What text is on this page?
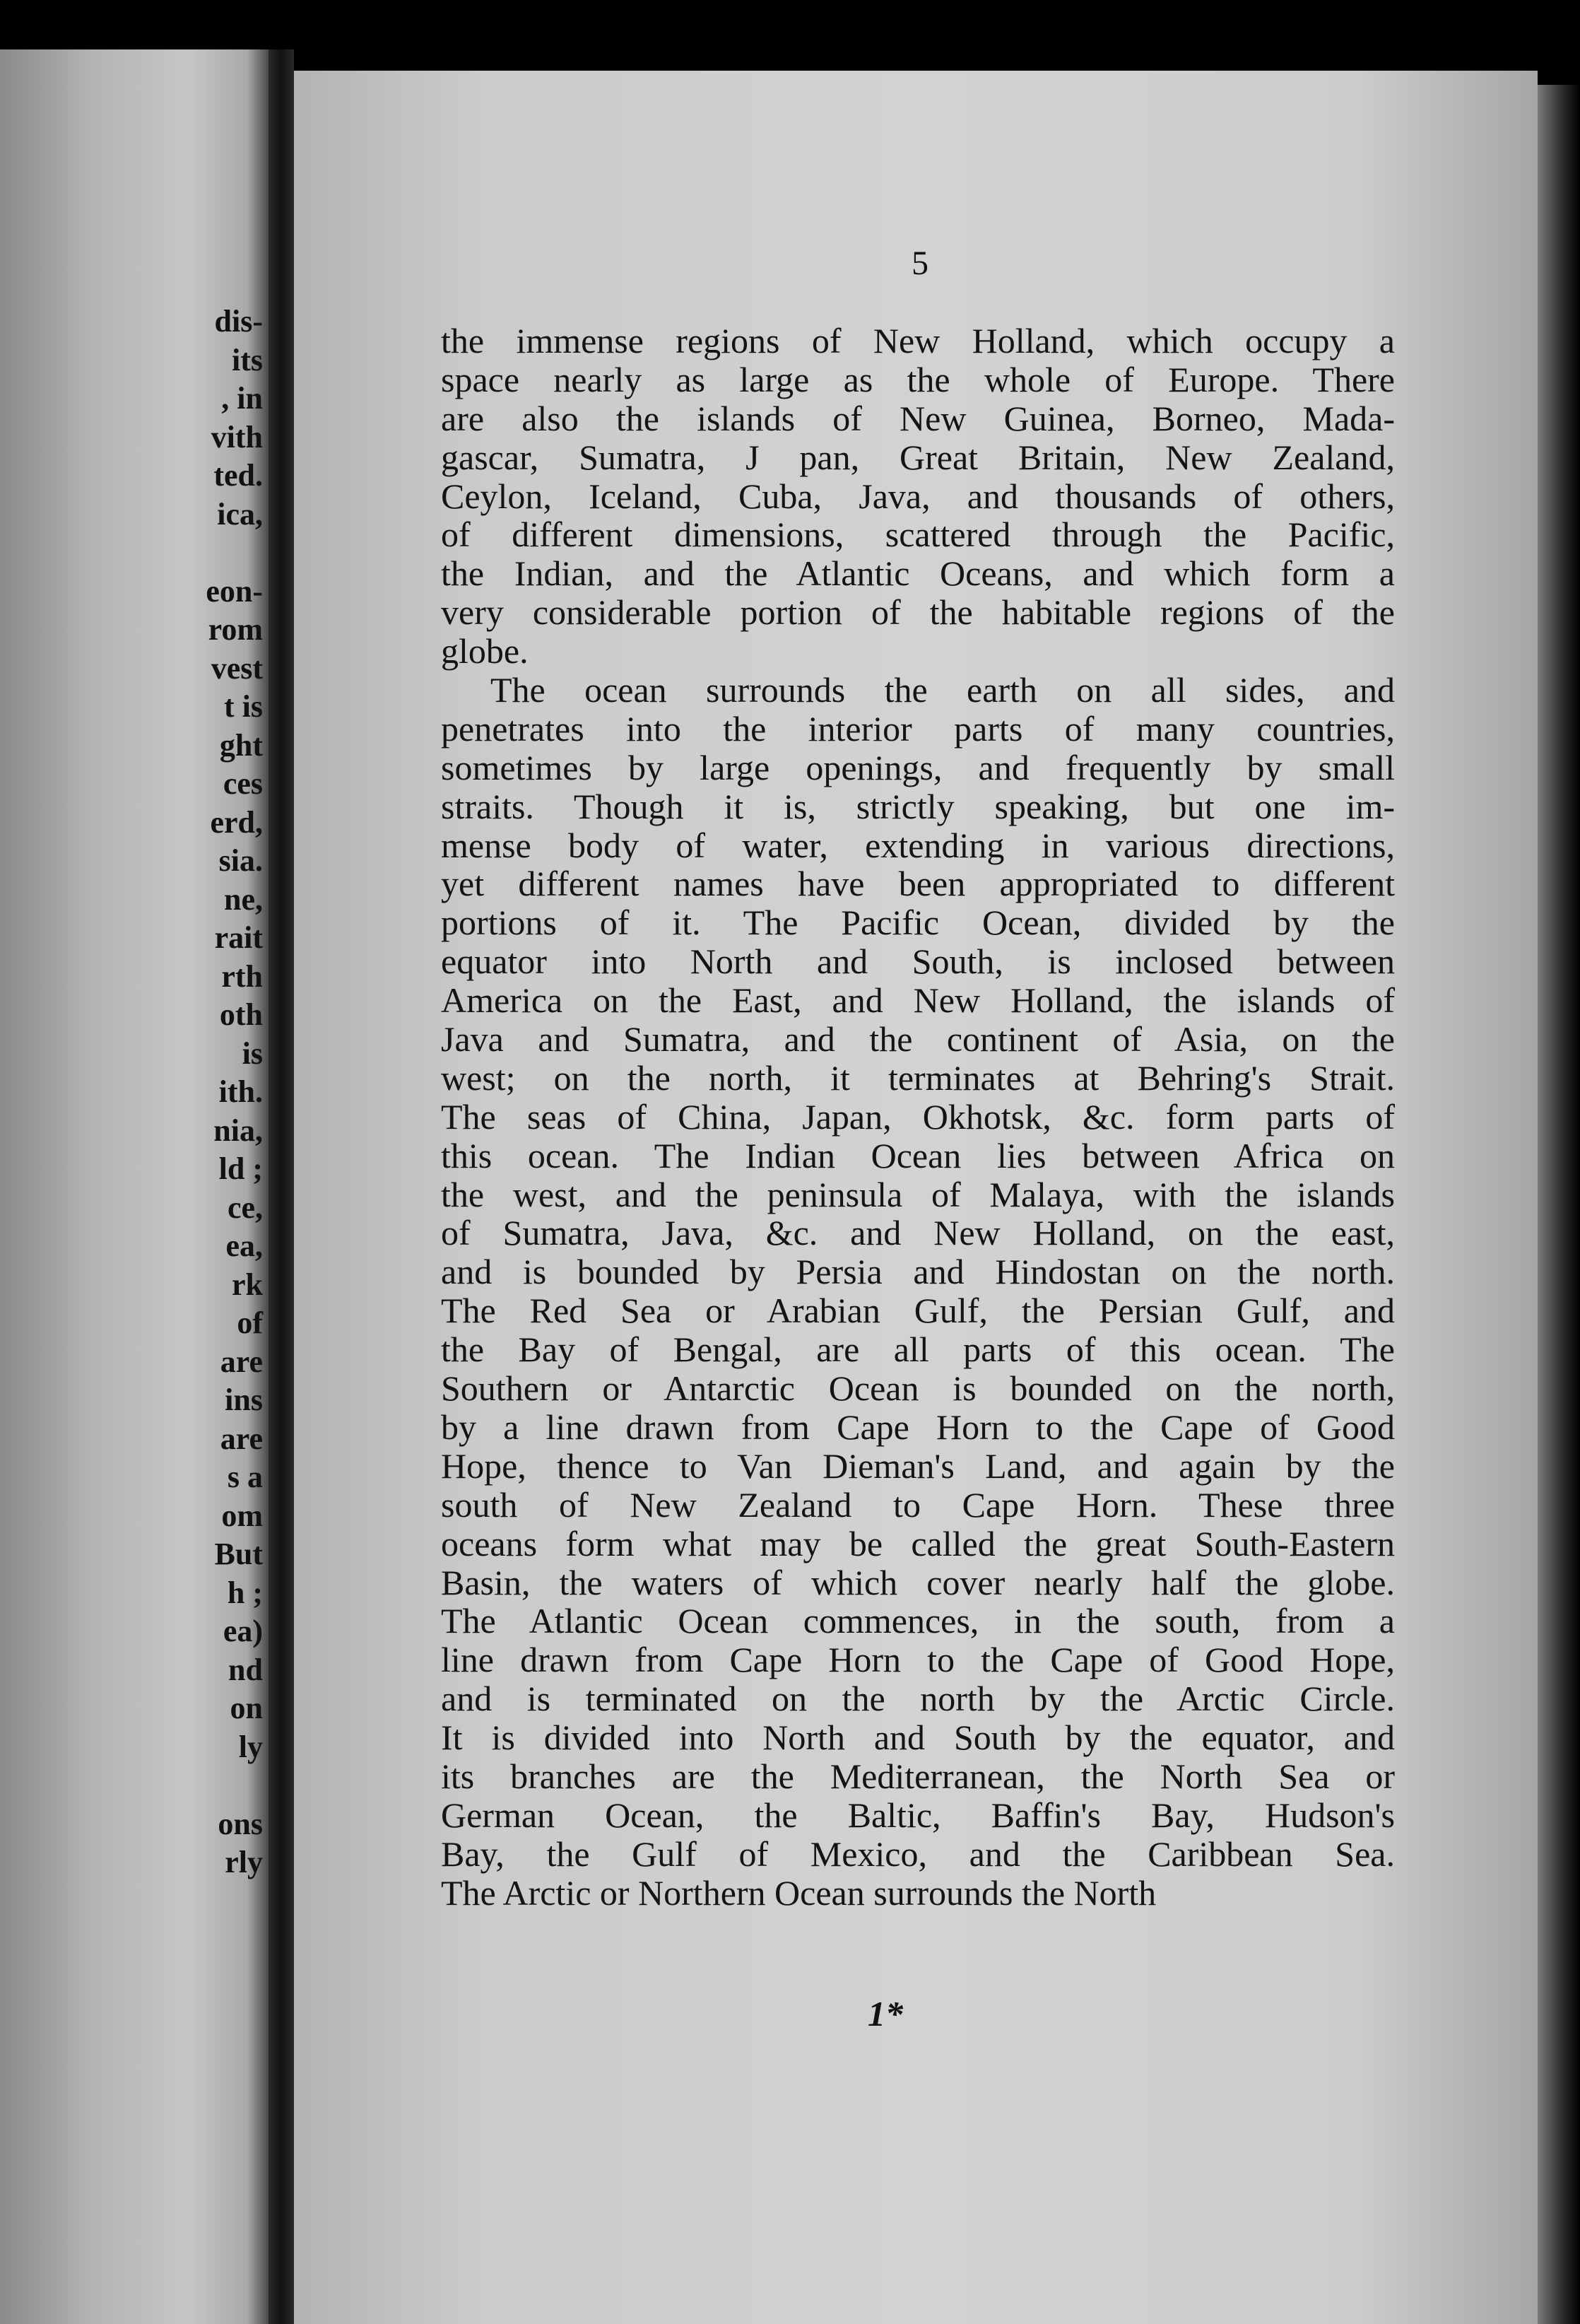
dis-
its
, in
vith
ted.
ica,
eon-
rom
vest
t is
ght
ces
erd,
sia.
ne,
rait
rth
oth
is
ith.
nia,
ld ;
ce,
ea,
rk
of
are
ins
are
s a
om
But
h ;
ea)
nd
on
ly
ons
rly
5
the immense regions of New Holland, which occupy a
space nearly as large as the whole of Europe. There
are also the islands of New Guinea, Borneo, Mada-
gascar, Sumatra, J pan, Great Britain, New Zealand,
Ceylon, Iceland, Cuba, Java, and thousands of others,
of different dimensions, scattered through the Pacific,
the Indian, and the Atlantic Oceans, and which form a
very considerable portion of the habitable regions of the
globe.
The ocean surrounds the earth on all sides, and
penetrates into the interior parts of many countries,
sometimes by large openings, and frequently by small
straits. Though it is, strictly speaking, but one im-
mense body of water, extending in various directions,
yet different names have been appropriated to different
portions of it. The Pacific Ocean, divided by the
equator into North and South, is inclosed between
America on the East, and New Holland, the islands of
Java and Sumatra, and the continent of Asia, on the
west; on the north, it terminates at Behring's Strait.
The seas of China, Japan, Okhotsk, &c. form parts of
this ocean. The Indian Ocean lies between Africa on
the west, and the peninsula of Malaya, with the islands
of Sumatra, Java, &c. and New Holland, on the east,
and is bounded by Persia and Hindostan on the north.
The Red Sea or Arabian Gulf, the Persian Gulf, and
the Bay of Bengal, are all parts of this ocean. The
Southern or Antarctic Ocean is bounded on the north,
by a line drawn from Cape Horn to the Cape of Good
Hope, thence to Van Dieman's Land, and again by the
south of New Zealand to Cape Horn. These three
oceans form what may be called the great South-Eastern
Basin, the waters of which cover nearly half the globe.
The Atlantic Ocean commences, in the south, from a
line drawn from Cape Horn to the Cape of Good Hope,
and is terminated on the north by the Arctic Circle.
It is divided into North and South by the equator, and
its branches are the Mediterranean, the North Sea or
German Ocean, the Baltic, Baffin's Bay, Hudson's
Bay, the Gulf of Mexico, and the Caribbean Sea.
The Arctic or Northern Ocean surrounds the North
1*
